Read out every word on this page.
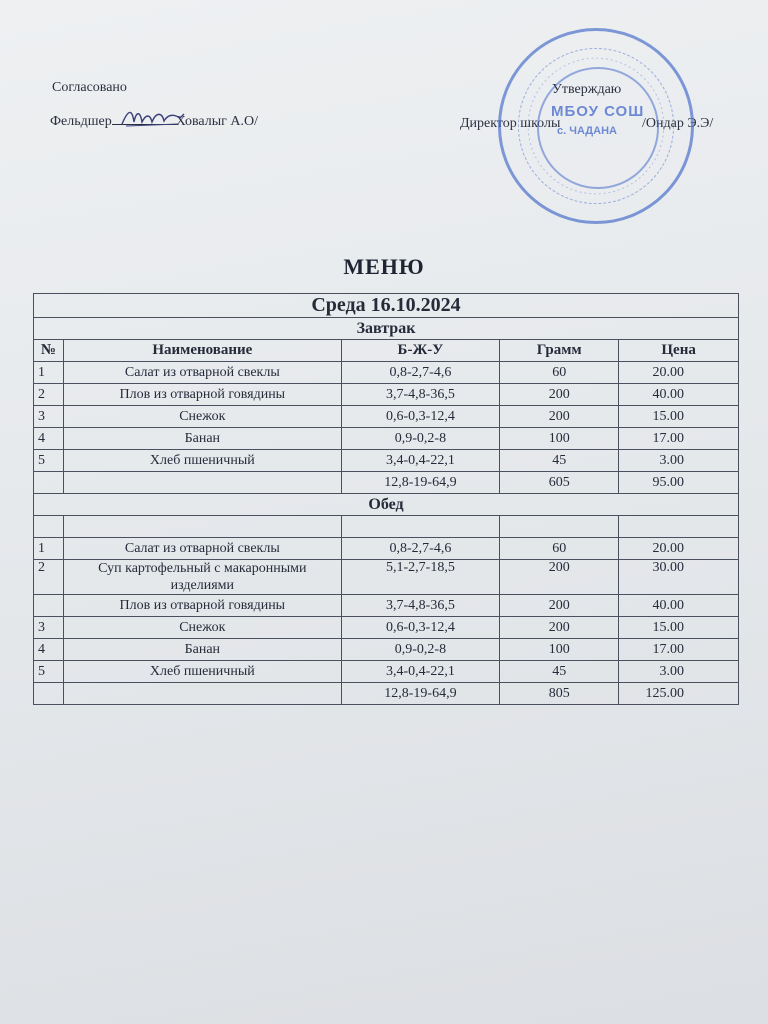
Согласовано
Фельдшер	Ховалыг А.О/
Утверждаю
Директор школы	/Ондар Э.Э/
МБОУ СОШ
с. ЧАДАНА
МЕНЮ
Среда 16.10.2024				
Завтрак				
№	Наименование	Б-Ж-У	Грамм	Цена
1	Салат из отварной свеклы	0,8-2,7-4,6	60	20.00
2	Плов из отварной говядины	3,7-4,8-36,5	200	40.00
3	Снежок	0,6-0,3-12,4	200	15.00
4	Банан	0,9-0,2-8	100	17.00
5	Хлеб пшеничный	3,4-0,4-22,1	45	3.00
		12,8-19-64,9	605	95.00
Обед				

1	Салат из отварной свеклы	0,8-2,7-4,6	60	20.00
2	Суп картофельный с макаронными изделиями	5,1-2,7-18,5	200	30.00
	Плов из отварной говядины	3,7-4,8-36,5	200	40.00
3	Снежок	0,6-0,3-12,4	200	15.00
4	Банан	0,9-0,2-8	100	17.00
5	Хлеб пшеничный	3,4-0,4-22,1	45	3.00
		12,8-19-64,9	805	125.00
